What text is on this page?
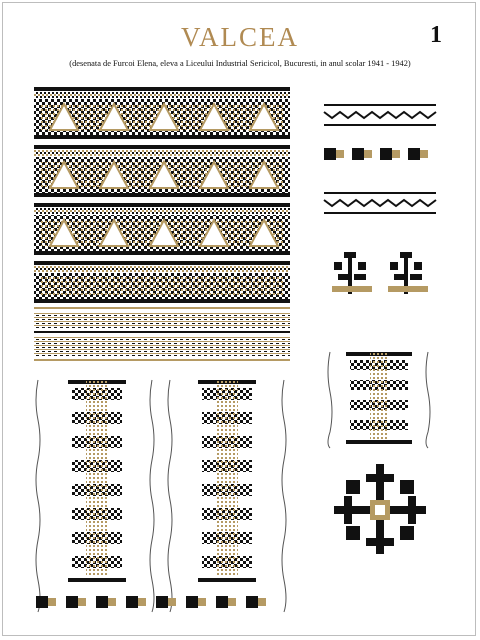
VALCEA	1
(desenata de Furcoi Elena, eleva a Liceului Industrial Sericicol, Bucuresti, in anul scolar 1941 - 1942)
